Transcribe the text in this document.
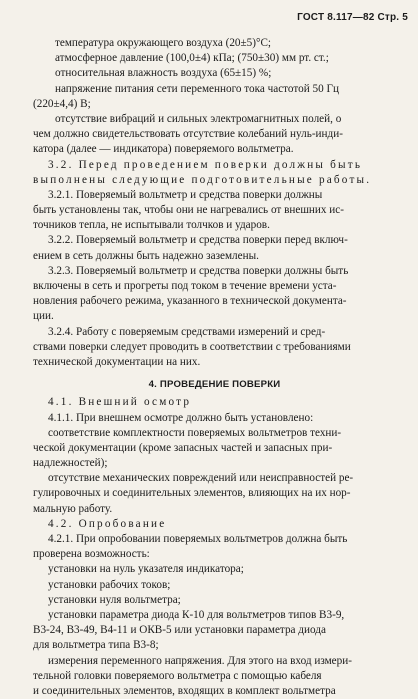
ГОСТ 8.117—82 Стр. 5
температура окружающего воздуха (20±5)°С;
атмосферное давление (100,0±4) кПа; (750±30) мм рт. ст.;
относительная влажность воздуха (65±15) %;
напряжение питания сети переменного тока частотой 50 Гц
(220±4,4) В;
отсутствие вибраций и сильных электромагнитных полей, о
чем должно свидетельствовать отсутствие колебаний нуль-инди-
катора (далее — индикатора) поверяемого вольтметра.
3.2. Перед проведением поверки должны быть
выполнены следующие подготовительные работы.
3.2.1. Поверяемый вольтметр и средства поверки должны
быть установлены так, чтобы они не нагревались от внешних ис-
точников тепла, не испытывали толчков и ударов.
3.2.2. Поверяемый вольтметр и средства поверки перед включ-
ением в сеть должны быть надежно заземлены.
3.2.3. Поверяемый вольтметр и средства поверки должны быть
включены в сеть и прогреты под током в течение времени уста-
новления рабочего режима, указанного в технической документа-
ции.
3.2.4. Работу с поверяемым средствами измерений и сред-
ствами поверки следует проводить в соответствии с требованиями
технической документации на них.
4. ПРОВЕДЕНИЕ ПОВЕРКИ
4.1. Внешний осмотр
4.1.1. При внешнем осмотре должно быть установлено:
соответствие комплектности поверяемых вольтметров техни-
ческой документации (кроме запасных частей и запасных при-
надлежностей);
отсутствие механических повреждений или неисправностей ре-
гулировочных и соединительных элементов, влияющих на их нор-
мальную работу.
4.2. Опробование
4.2.1. При опробовании поверяемых вольтметров должна быть
проверена возможность:
установки на нуль указателя индикатора;
установки рабочих токов;
установки нуля вольтметра;
установки параметра диода К-10 для вольтметров типов В3-9,
В3-24, В3-49, В4-11 и ОКВ-5 или установки параметра диода
для вольтметра типа В3-8;
измерения переменного напряжения. Для этого на вход измери-
тельной головки поверяемого вольтметра с помощью кабеля
и соединительных элементов, входящих в комплект вольтметра
